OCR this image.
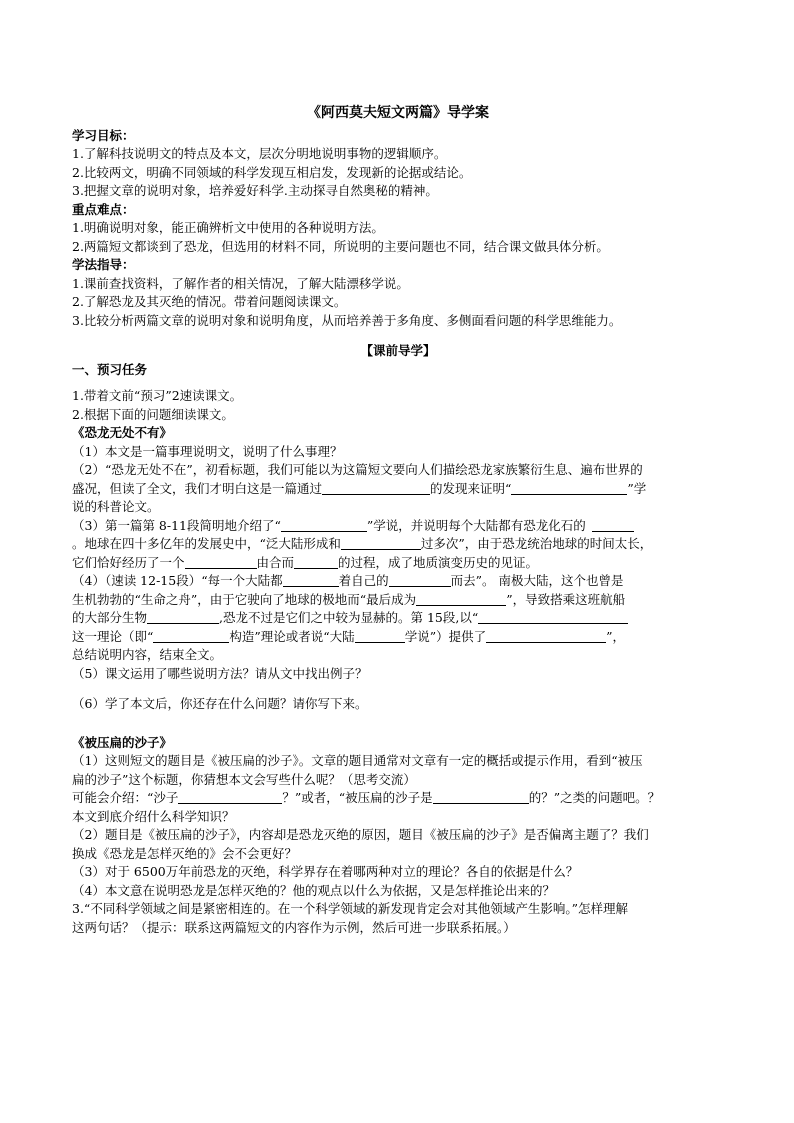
《阿西莫夫短文两篇》导学案
学习目标：
1.了解科技说明文的特点及本文，层次分明地说明事物的逻辑顺序。
2.比较两文，明确不同领域的科学发现互相启发，发现新的论据或结论。
3.把握文章的说明对象，培养爱好科学.主动探寻自然奥秘的精神。
重点难点：
1.明确说明对象，能正确辨析文中使用的各种说明方法。
2.两篇短文都谈到了恐龙，但选用的材料不同，所说明的主要问题也不同，结合课文做具体分析。
学法指导：
1.课前查找资料，了解作者的相关情况，了解大陆漂移学说。
2.了解恐龙及其灭绝的情况。带着问题阅读课文。
3.比较分析两篇文章的说明对象和说明角度，从而培养善于多角度、多侧面看问题的科学思维能力。
【课前导学】
一、预习任务
1.带着文前“预习”2速读课文。
2.根据下面的问题细读课文。
《恐龙无处不有》
（1）本文是一篇事理说明文，说明了什么事理？
（2）“恐龙无处不在”，初看标题，我们可能以为这篇短文要向人们描绘恐龙家族繁衍生息、遍布世界的
盛况，但读了全文，我们才明白这是一篇通过	的发现来证明“	”学
说的科普论文。
（3）第一篇第 8-11段简明地介绍了“	”学说，并说明每个大陆都有恐龙化石的
。地球在四十多亿年的发展史中，“泛大陆形成和	过多次”，由于恐龙统治地球的时间太长，
它们恰好经历了一个	由合而	的过程，成了地质演变历史的见证。
（4）（速读 12-15段）“每一个大陆都	着自己的	而去”。 南极大陆，这个也曾是
生机勃勃的“生命之舟”，由于它驶向了地球的极地而“最后成为	”，导致搭乘这班航船
的大部分生物	,恐龙不过是它们之中较为显赫的。第 15段,以“
这一理论（即“	构造”理论或者说“大陆	学说”）提供了	”，
总结说明内容，结束全文。
（5）课文运用了哪些说明方法？请从文中找出例子？
（6）学了本文后，你还存在什么问题？请你写下来。
《被压扁的沙子》
（1）这则短文的题目是《被压扁的沙子》。文章的题目通常对文章有一定的概括或提示作用，看到“被压
扁的沙子”这个标题，你猜想本文会写些什么呢？（思考交流）
可能会介绍：“沙子	？”或者，“被压扁的沙子是	的？”之类的问题吧。？
本文到底介绍什么科学知识？
（2）题目是《被压扁的沙子》，内容却是恐龙灭绝的原因，题目《被压扁的沙子》是否偏离主题了？我们
换成《恐龙是怎样灭绝的》会不会更好？
（3）对于 6500万年前恐龙的灭绝，科学界存在着哪两种对立的理论？各自的依据是什么？
（4）本文意在说明恐龙是怎样灭绝的？他的观点以什么为依据，又是怎样推论出来的？
3.“不同科学领域之间是紧密相连的。在一个科学领域的新发现肯定会对其他领域产生影响。”怎样理解
这两句话？（提示：联系这两篇短文的内容作为示例，然后可进一步联系拓展。）
